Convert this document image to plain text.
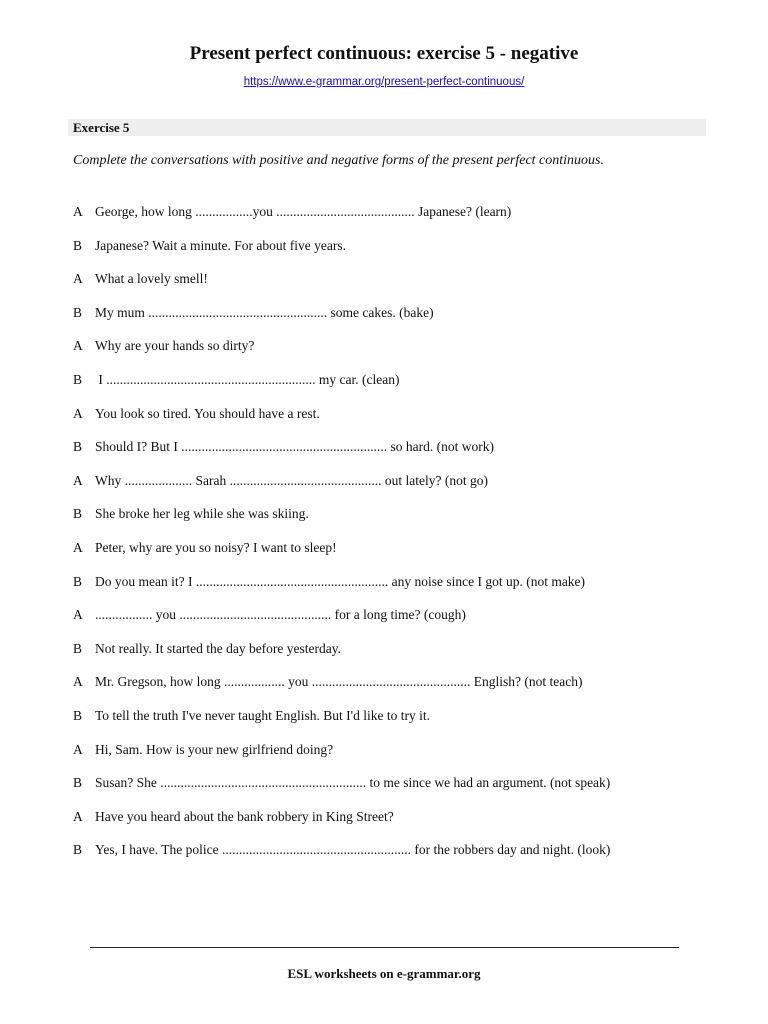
Present perfect continuous: exercise 5 - negative
https://www.e-grammar.org/present-perfect-continuous/
Exercise 5
Complete the conversations with positive and negative forms of the present perfect continuous.
A George, how long .................you ......................................... Japanese? (learn)
B Japanese? Wait a minute. For about five years.
A What a lovely smell!
B My mum ..................................................... some cakes. (bake)
A Why are your hands so dirty?
B I .............................................................. my car. (clean)
A You look so tired. You should have a rest.
B Should I? But I ............................................................. so hard. (not work)
A Why .................... Sarah ............................................. out lately? (not go)
B She broke her leg while she was skiing.
A Peter, why are you so noisy? I want to sleep!
B Do you mean it? I ......................................................... any noise since I got up. (not make)
A ................. you ............................................. for a long time? (cough)
B Not really. It started the day before yesterday.
A Mr. Gregson, how long .................. you ............................................... English? (not teach)
B To tell the truth I've never taught English. But I'd like to try it.
A Hi, Sam. How is your new girlfriend doing?
B Susan? She ............................................................. to me since we had an argument. (not speak)
A Have you heard about the bank robbery in King Street?
B Yes, I have. The police ........................................................ for the robbers day and night. (look)
ESL worksheets on e-grammar.org
